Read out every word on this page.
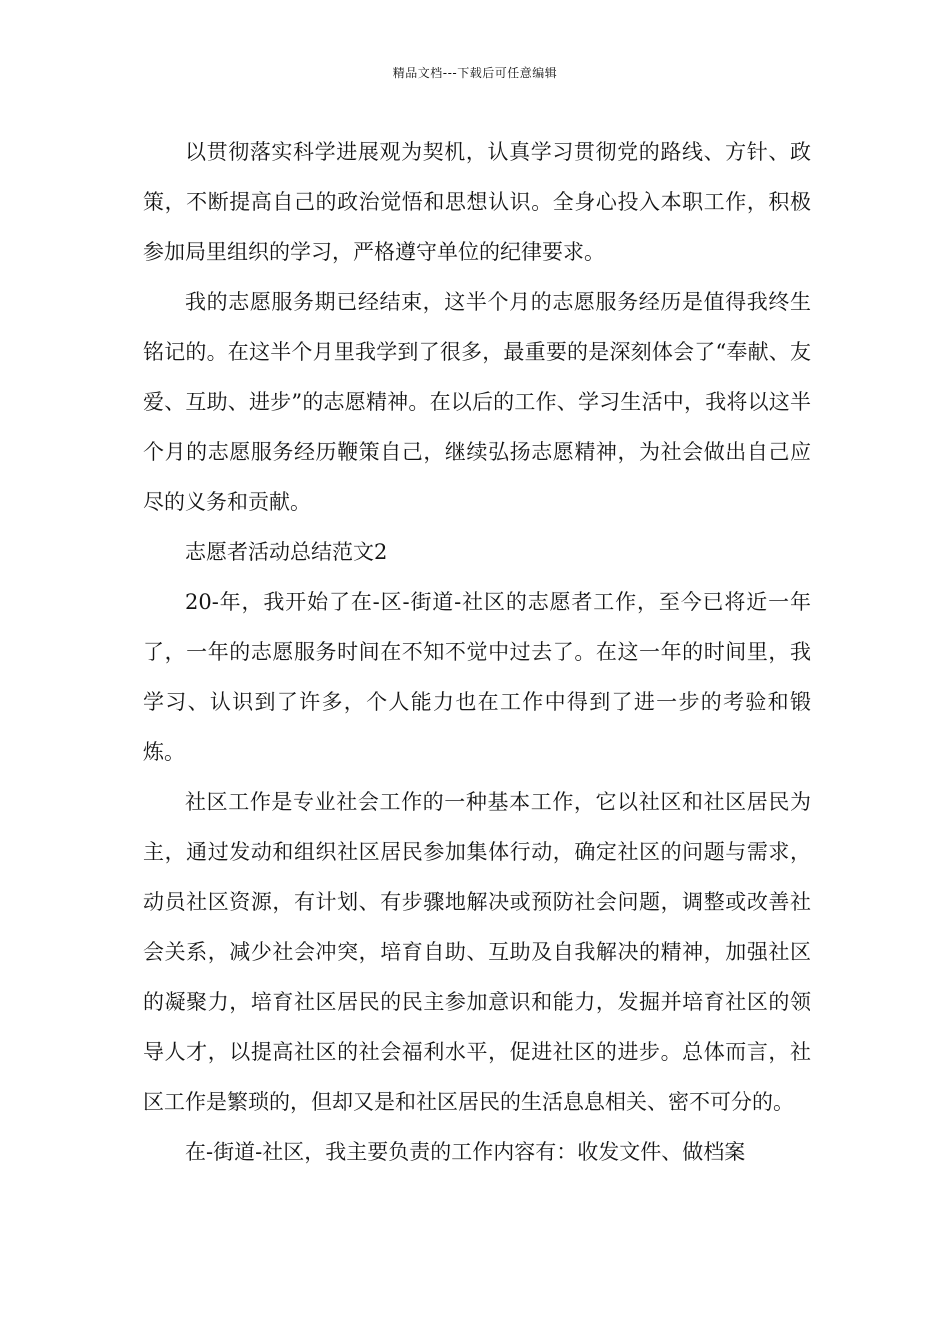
精品文档---下载后可任意编辑

以贯彻落实科学进展观为契机，认真学习贯彻党的路线、方针、政策，不断提高自己的政治觉悟和思想认识。全身心投入本职工作，积极参加局里组织的学习，严格遵守单位的纪律要求。

我的志愿服务期已经结束，这半个月的志愿服务经历是值得我终生铭记的。在这半个月里我学到了很多，最重要的是深刻体会了“奉献、友爱、互助、进步”的志愿精神。在以后的工作、学习生活中，我将以这半个月的志愿服务经历鞭策自己，继续弘扬志愿精神，为社会做出自己应尽的义务和贡献。

志愿者活动总结范文2

20-年，我开始了在-区-街道-社区的志愿者工作，至今已将近一年了，一年的志愿服务时间在不知不觉中过去了。在这一年的时间里，我学习、认识到了许多，个人能力也在工作中得到了进一步的考验和锻炼。

社区工作是专业社会工作的一种基本工作，它以社区和社区居民为主，通过发动和组织社区居民参加集体行动，确定社区的问题与需求，动员社区资源，有计划、有步骤地解决或预防社会问题，调整或改善社会关系，减少社会冲突，培育自助、互助及自我解决的精神，加强社区的凝聚力，培育社区居民的民主参加意识和能力，发掘并培育社区的领导人才，以提高社区的社会福利水平，促进社区的进步。总体而言，社区工作是繁琐的，但却又是和社区居民的生活息息相关、密不可分的。

在-街道-社区，我主要负责的工作内容有：收发文件、做档案
